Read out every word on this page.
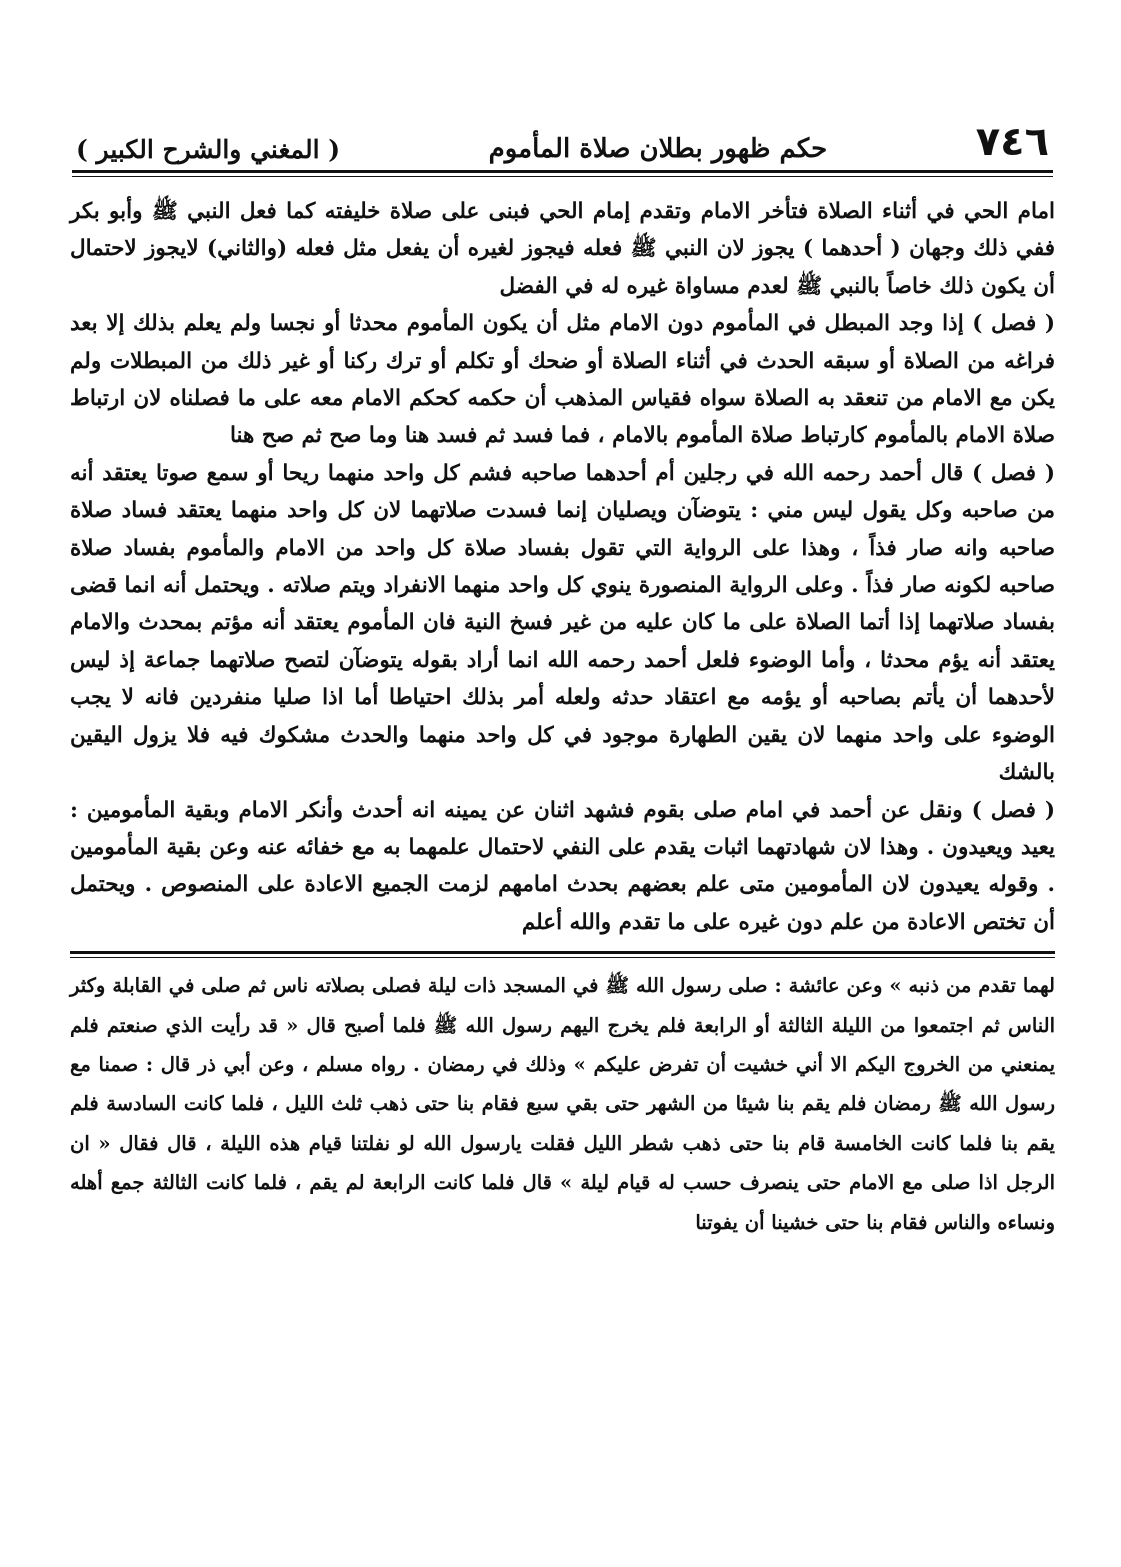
٧٤٦
حكم ظهور بطلان صلاة المأموم
( المغني والشرح الكبير )

امام الحي في أثناء الصلاة فتأخر الامام وتقدم إمام الحي فبنى على صلاة خليفته كما فعل النبي ﷺ وأبو بكر ففي ذلك وجهان ( أحدهما ) يجوز لان النبي ﷺ فعله فيجوز لغيره أن يفعل مثل فعله (والثاني) لايجوز لاحتمال أن يكون ذلك خاصاً بالنبي ﷺ لعدم مساواة غيره له في الفضل

( فصل ) إذا وجد المبطل في المأموم دون الامام مثل أن يكون المأموم محدثا أو نجسا ولم يعلم بذلك إلا بعد فراغه من الصلاة أو سبقه الحدث في أثناء الصلاة أو ضحك أو تكلم أو ترك ركنا أو غير ذلك من المبطلات ولم يكن مع الامام من تنعقد به الصلاة سواه فقياس المذهب أن حكمه كحكم الامام معه على ما فصلناه لان ارتباط صلاة الامام بالمأموم كارتباط صلاة المأموم بالامام ، فما فسد ثم فسد هنا وما صح ثم صح هنا

( فصل ) قال أحمد رحمه الله في رجلين أم أحدهما صاحبه فشم كل واحد منهما ريحا أو سمع صوتا يعتقد أنه من صاحبه وكل يقول ليس مني : يتوضآن ويصليان إنما فسدت صلاتهما لان كل واحد منهما يعتقد فساد صلاة صاحبه وانه صار فذاً ، وهذا على الرواية التي تقول بفساد صلاة كل واحد من الامام والمأموم بفساد صلاة صاحبه لكونه صار فذاً . وعلى الرواية المنصورة ينوي كل واحد منهما الانفراد ويتم صلاته . ويحتمل أنه انما قضى بفساد صلاتهما إذا أتما الصلاة على ما كان عليه من غير فسخ النية فان المأموم يعتقد أنه مؤتم بمحدث والامام يعتقد أنه يؤم محدثا ، وأما الوضوء فلعل أحمد رحمه الله انما أراد بقوله يتوضآن لتصح صلاتهما جماعة إذ ليس لأحدهما أن يأتم بصاحبه أو يؤمه مع اعتقاد حدثه ولعله أمر بذلك احتياطا أما اذا صليا منفردين فانه لا يجب الوضوء على واحد منهما لان يقين الطهارة موجود في كل واحد منهما والحدث مشكوك فيه فلا يزول اليقين بالشك

( فصل ) ونقل عن أحمد في امام صلى بقوم فشهد اثنان عن يمينه انه أحدث وأنكر الامام وبقية المأمومين : يعيد ويعيدون . وهذا لان شهادتهما اثبات يقدم على النفي لاحتمال علمهما به مع خفائه عنه وعن بقية المأمومين . وقوله يعيدون لان المأمومين متى علم بعضهم بحدث امامهم لزمت الجميع الاعادة على المنصوص . ويحتمل أن تختص الاعادة من علم دون غيره على ما تقدم والله أعلم

لهما تقدم من ذنبه » وعن عائشة : صلى رسول الله ﷺ في المسجد ذات ليلة فصلى بصلاته ناس ثم صلى في القابلة وكثر الناس ثم اجتمعوا من الليلة الثالثة أو الرابعة فلم يخرج اليهم رسول الله ﷺ فلما أصبح قال « قد رأيت الذي صنعتم فلم يمنعني من الخروج اليكم الا أني خشيت أن تفرض عليكم » وذلك في رمضان . رواه مسلم ، وعن أبي ذر قال : صمنا مع رسول الله ﷺ رمضان فلم يقم بنا شيئا من الشهر حتى بقي سبع فقام بنا حتى ذهب ثلث الليل ، فلما كانت السادسة فلم يقم بنا فلما كانت الخامسة قام بنا حتى ذهب شطر الليل فقلت يارسول الله لو نفلتنا قيام هذه الليلة ، قال فقال « ان الرجل اذا صلى مع الامام حتى ينصرف حسب له قيام ليلة » قال فلما كانت الرابعة لم يقم ، فلما كانت الثالثة جمع أهله ونساءه والناس فقام بنا حتى خشينا أن يفوتنا
